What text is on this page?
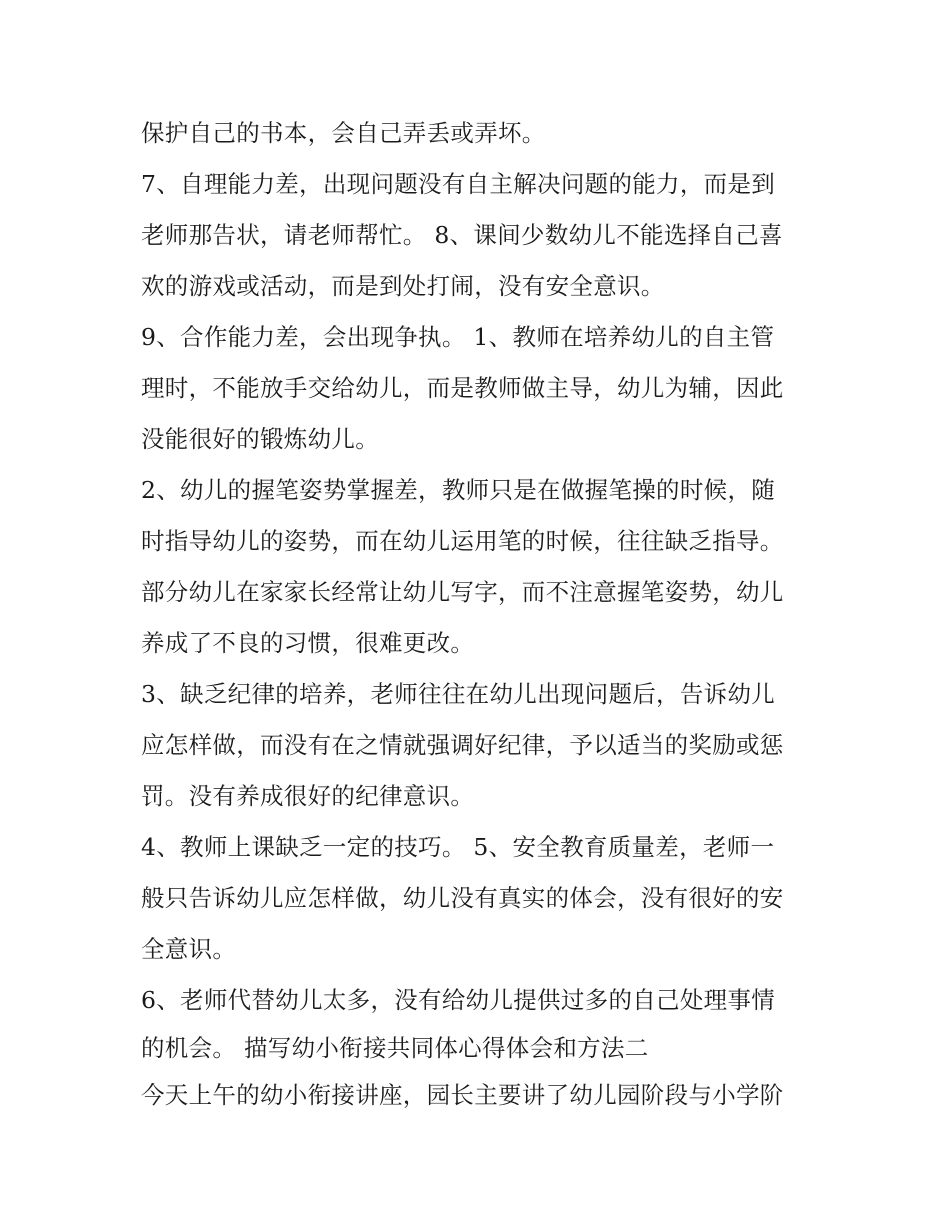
保护自己的书本，会自己弄丢或弄坏。
7、自理能力差，出现问题没有自主解决问题的能力，而是到
老师那告状，请老师帮忙。 8、课间少数幼儿不能选择自己喜
欢的游戏或活动，而是到处打闹，没有安全意识。
9、合作能力差，会出现争执。 1、教师在培养幼儿的自主管
理时，不能放手交给幼儿，而是教师做主导，幼儿为辅，因此
没能很好的锻炼幼儿。
2、幼儿的握笔姿势掌握差，教师只是在做握笔操的时候，随
时指导幼儿的姿势，而在幼儿运用笔的时候，往往缺乏指导。
部分幼儿在家家长经常让幼儿写字，而不注意握笔姿势，幼儿
养成了不良的习惯，很难更改。
3、缺乏纪律的培养，老师往往在幼儿出现问题后，告诉幼儿
应怎样做，而没有在之情就强调好纪律，予以适当的奖励或惩
罚。没有养成很好的纪律意识。
4、教师上课缺乏一定的技巧。 5、安全教育质量差，老师一
般只告诉幼儿应怎样做，幼儿没有真实的体会，没有很好的安
全意识。
6、老师代替幼儿太多，没有给幼儿提供过多的自己处理事情
的机会。 描写幼小衔接共同体心得体会和方法二
今天上午的幼小衔接讲座，园长主要讲了幼儿园阶段与小学阶
